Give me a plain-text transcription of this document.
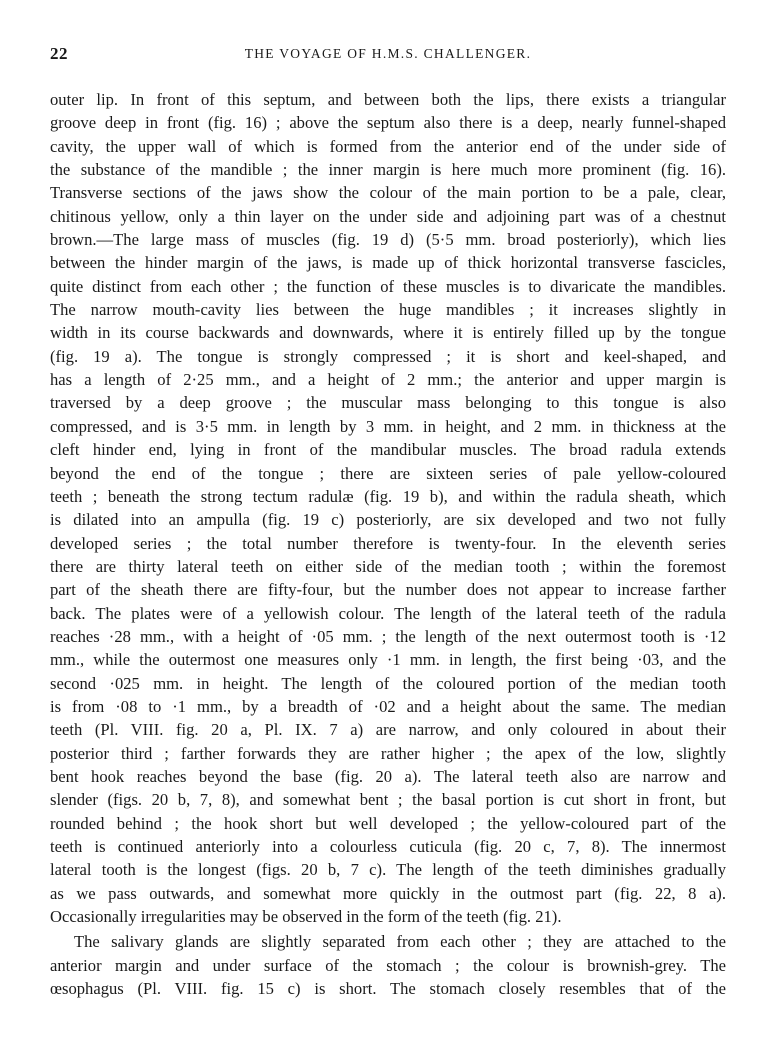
22	THE VOYAGE OF H.M.S. CHALLENGER.
outer lip. In front of this septum, and between both the lips, there exists a triangular
groove deep in front (fig. 16) ; above the septum also there is a deep, nearly funnel-shaped
cavity, the upper wall of which is formed from the anterior end of the under side of
the substance of the mandible ; the inner margin is here much more prominent (fig. 16).
Transverse sections of the jaws show the colour of the main portion to be a pale, clear,
chitinous yellow, only a thin layer on the under side and adjoining part was of a chestnut
brown.—The large mass of muscles (fig. 19 d) (5·5 mm. broad posteriorly), which lies
between the hinder margin of the jaws, is made up of thick horizontal transverse fascicles,
quite distinct from each other ; the function of these muscles is to divaricate the mandibles.
The narrow mouth-cavity lies between the huge mandibles ; it increases slightly in
width in its course backwards and downwards, where it is entirely filled up by the tongue
(fig. 19 a). The tongue is strongly compressed ; it is short and keel-shaped, and
has a length of 2·25 mm., and a height of 2 mm.; the anterior and upper margin is
traversed by a deep groove ; the muscular mass belonging to this tongue is also
compressed, and is 3·5 mm. in length by 3 mm. in height, and 2 mm. in thickness at the
cleft hinder end, lying in front of the mandibular muscles. The broad radula extends
beyond the end of the tongue ; there are sixteen series of pale yellow-coloured
teeth ; beneath the strong tectum radulæ (fig. 19 b), and within the radula sheath, which
is dilated into an ampulla (fig. 19 c) posteriorly, are six developed and two not fully
developed series ; the total number therefore is twenty-four. In the eleventh series
there are thirty lateral teeth on either side of the median tooth ; within the foremost
part of the sheath there are fifty-four, but the number does not appear to increase farther
back. The plates were of a yellowish colour. The length of the lateral teeth of the radula
reaches ·28 mm., with a height of ·05 mm. ; the length of the next outermost tooth is ·12
mm., while the outermost one measures only ·1 mm. in length, the first being ·03, and the
second ·025 mm. in height. The length of the coloured portion of the median tooth
is from ·08 to ·1 mm., by a breadth of ·02 and a height about the same. The median
teeth (Pl. VIII. fig. 20 a, Pl. IX. 7 a) are narrow, and only coloured in about their
posterior third ; farther forwards they are rather higher ; the apex of the low, slightly
bent hook reaches beyond the base (fig. 20 a). The lateral teeth also are narrow and
slender (figs. 20 b, 7, 8), and somewhat bent ; the basal portion is cut short in front, but
rounded behind ; the hook short but well developed ; the yellow-coloured part of the
teeth is continued anteriorly into a colourless cuticula (fig. 20 c, 7, 8). The innermost
lateral tooth is the longest (figs. 20 b, 7 c). The length of the teeth diminishes gradually
as we pass outwards, and somewhat more quickly in the outmost part (fig. 22, 8 a).
Occasionally irregularities may be observed in the form of the teeth (fig. 21).
The salivary glands are slightly separated from each other ; they are attached to the
anterior margin and under surface of the stomach ; the colour is brownish-grey. The
œsophagus (Pl. VIII. fig. 15 c) is short. The stomach closely resembles that of the
